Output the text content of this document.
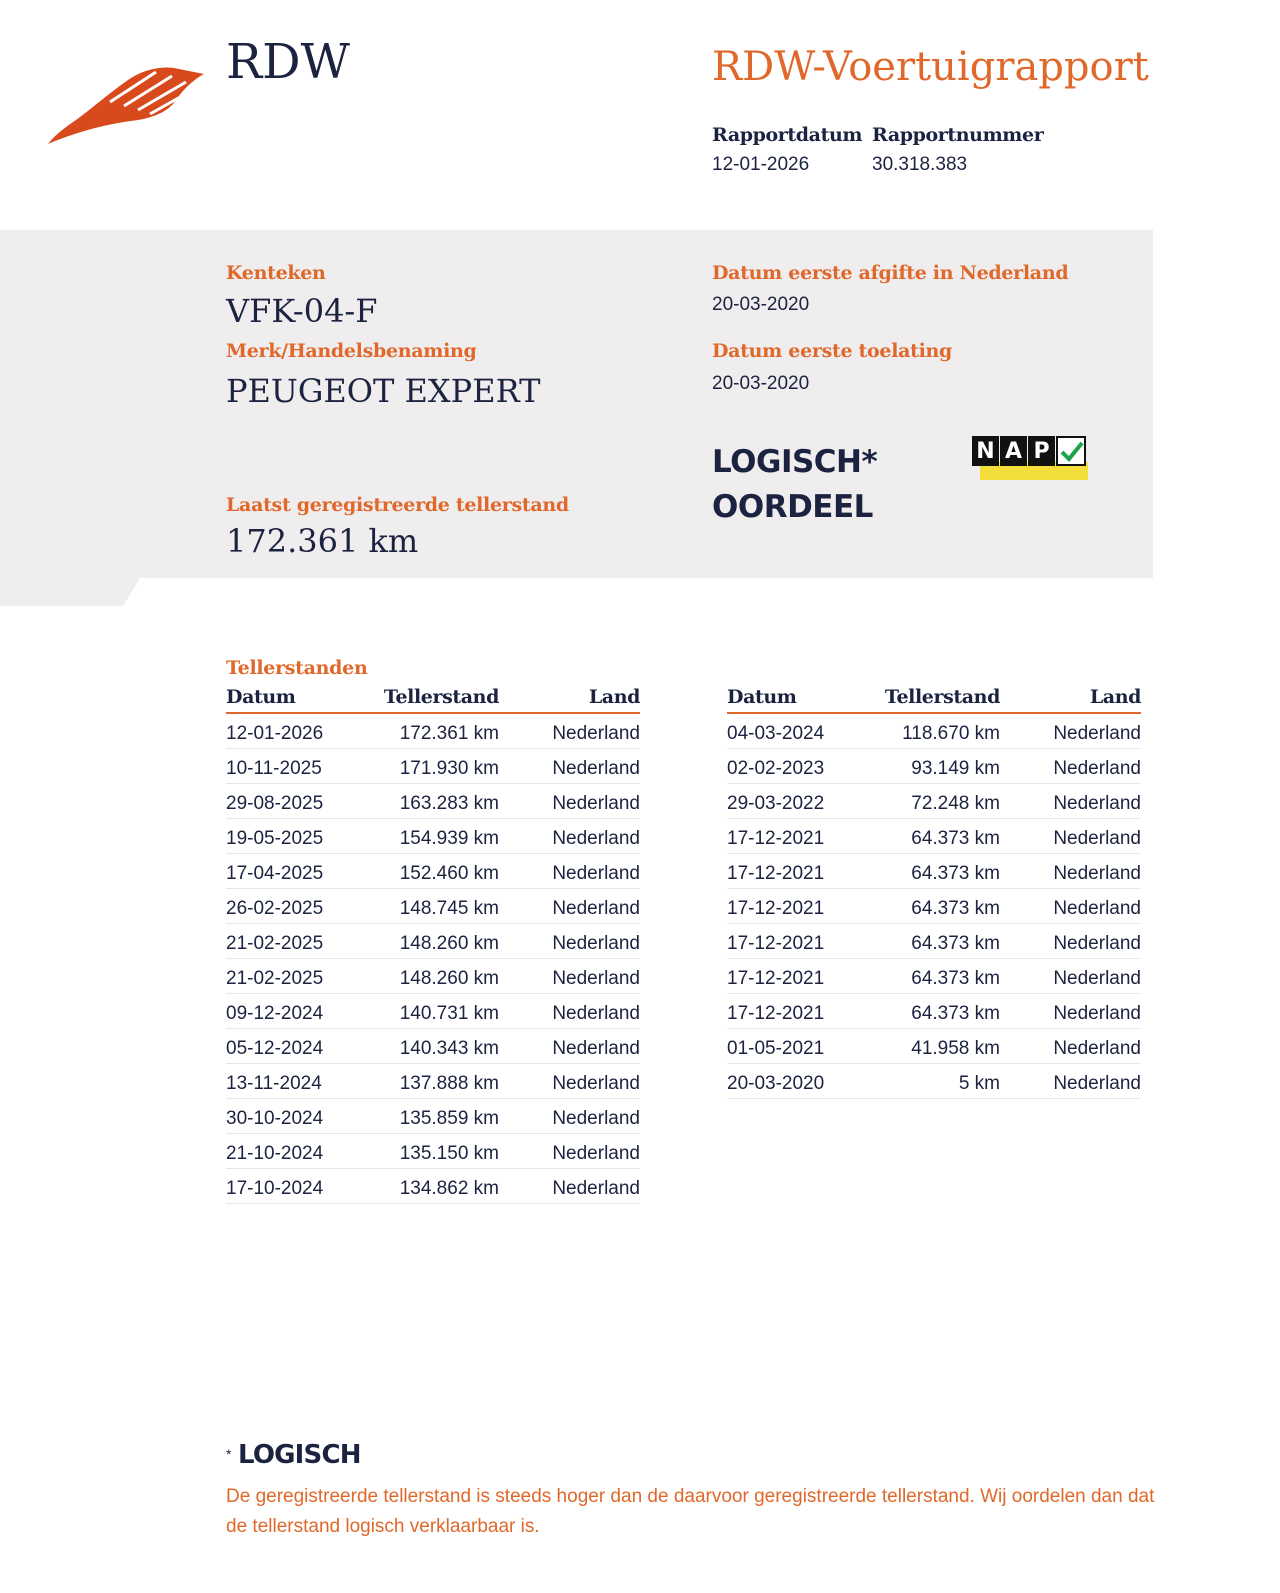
RDW	RDW-Voertuigrapport
Rapportdatum
12-01-2026
Rapportnummer
30.318.383
Kenteken
VFK-04-F
Merk/Handelsbenaming
PEUGEOT EXPERT
Laatst geregistreerde tellerstand
172.361 km
Datum eerste afgifte in Nederland
20-03-2020
Datum eerste toelating
20-03-2020
LOGISCH*
OORDEEL
N A P
Tellerstanden
Datum	Tellerstand	Land
12-01-2026	172.361 km	Nederland
10-11-2025	171.930 km	Nederland
29-08-2025	163.283 km	Nederland
19-05-2025	154.939 km	Nederland
17-04-2025	152.460 km	Nederland
26-02-2025	148.745 km	Nederland
21-02-2025	148.260 km	Nederland
21-02-2025	148.260 km	Nederland
09-12-2024	140.731 km	Nederland
05-12-2024	140.343 km	Nederland
13-11-2024	137.888 km	Nederland
30-10-2024	135.859 km	Nederland
21-10-2024	135.150 km	Nederland
17-10-2024	134.862 km	Nederland
Datum	Tellerstand	Land
04-03-2024	118.670 km	Nederland
02-02-2023	93.149 km	Nederland
29-03-2022	72.248 km	Nederland
17-12-2021	64.373 km	Nederland
17-12-2021	64.373 km	Nederland
17-12-2021	64.373 km	Nederland
17-12-2021	64.373 km	Nederland
17-12-2021	64.373 km	Nederland
17-12-2021	64.373 km	Nederland
01-05-2021	41.958 km	Nederland
20-03-2020	5 km	Nederland
* LOGISCH
De geregistreerde tellerstand is steeds hoger dan de daarvoor geregistreerde tellerstand. Wij oordelen dan dat de tellerstand logisch verklaarbaar is.
